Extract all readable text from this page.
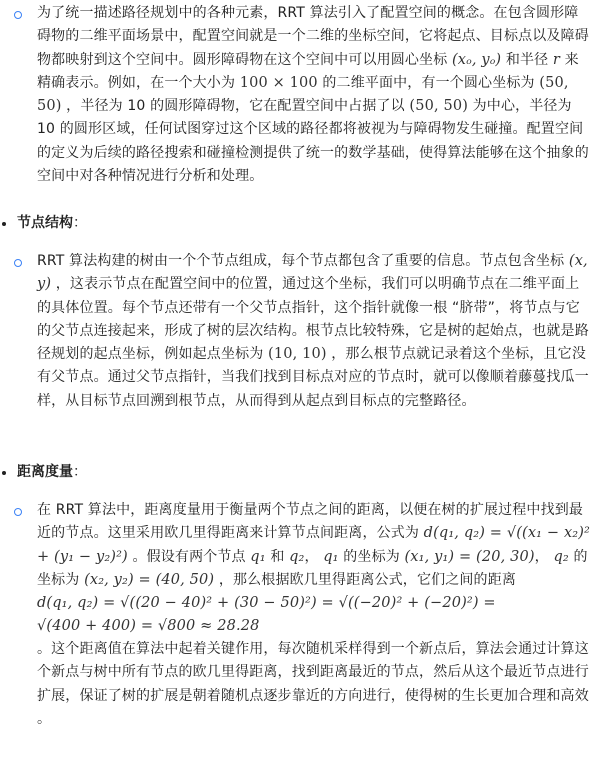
为了统一描述路径规划中的各种元素，RRT 算法引入了配置空间的概念。在包含圆形障碍物的二维平面场景中，配置空间就是一个二维的坐标空间，它将起点、目标点以及障碍物都映射到这个空间中。圆形障碍物在这个空间中可以用圆心坐标 (xₒ, yₒ) 和半径 r 来精确表示。例如，在一个大小为 100 × 100 的二维平面中，有一个圆心坐标为 (50, 50) ，半径为 10 的圆形障碍物，它在配置空间中占据了以 (50, 50) 为中心，半径为 10 的圆形区域，任何试图穿过这个区域的路径都将被视为与障碍物发生碰撞。配置空间的定义为后续的路径搜索和碰撞检测提供了统一的数学基础，使得算法能够在这个抽象的空间中对各种情况进行分析和处理。
节点结构：
RRT 算法构建的树由一个个节点组成，每个节点都包含了重要的信息。节点包含坐标 (x, y) ，这表示节点在配置空间中的位置，通过这个坐标，我们可以明确节点在二维平面上的具体位置。每个节点还带有一个父节点指针，这个指针就像一根 “脐带”，将节点与它的父节点连接起来，形成了树的层次结构。根节点比较特殊，它是树的起始点，也就是路径规划的起点坐标，例如起点坐标为 (10, 10) ，那么根节点就记录着这个坐标，且它没有父节点。通过父节点指针，当我们找到目标点对应的节点时，就可以像顺着藤蔓找瓜一样，从目标节点回溯到根节点，从而得到从起点到目标点的完整路径。
距离度量：
在 RRT 算法中，距离度量用于衡量两个节点之间的距离，以便在树的扩展过程中找到最近的节点。这里采用欧几里得距离来计算节点间距离，公式为 d(q₁, q₂) = √((x₁ − x₂)² + (y₁ − y₂)²) 。假设有两个节点 q₁ 和 q₂， q₁ 的坐标为 (x₁, y₁) = (20, 30)， q₂ 的坐标为 (x₂, y₂) = (40, 50) ，那么根据欧几里得距离公式，它们之间的距离
d(q₁, q₂) = √((20 − 40)² + (30 − 50)²) = √((−20)² + (−20)²) =
√(400 + 400) = √800 ≈ 28.28
。这个距离值在算法中起着关键作用，每次随机采样得到一个新点后，算法会通过计算这个新点与树中所有节点的欧几里得距离，找到距离最近的节点，然后从这个最近节点进行扩展，保证了树的扩展是朝着随机点逐步靠近的方向进行，使得树的生长更加合理和高效 。
